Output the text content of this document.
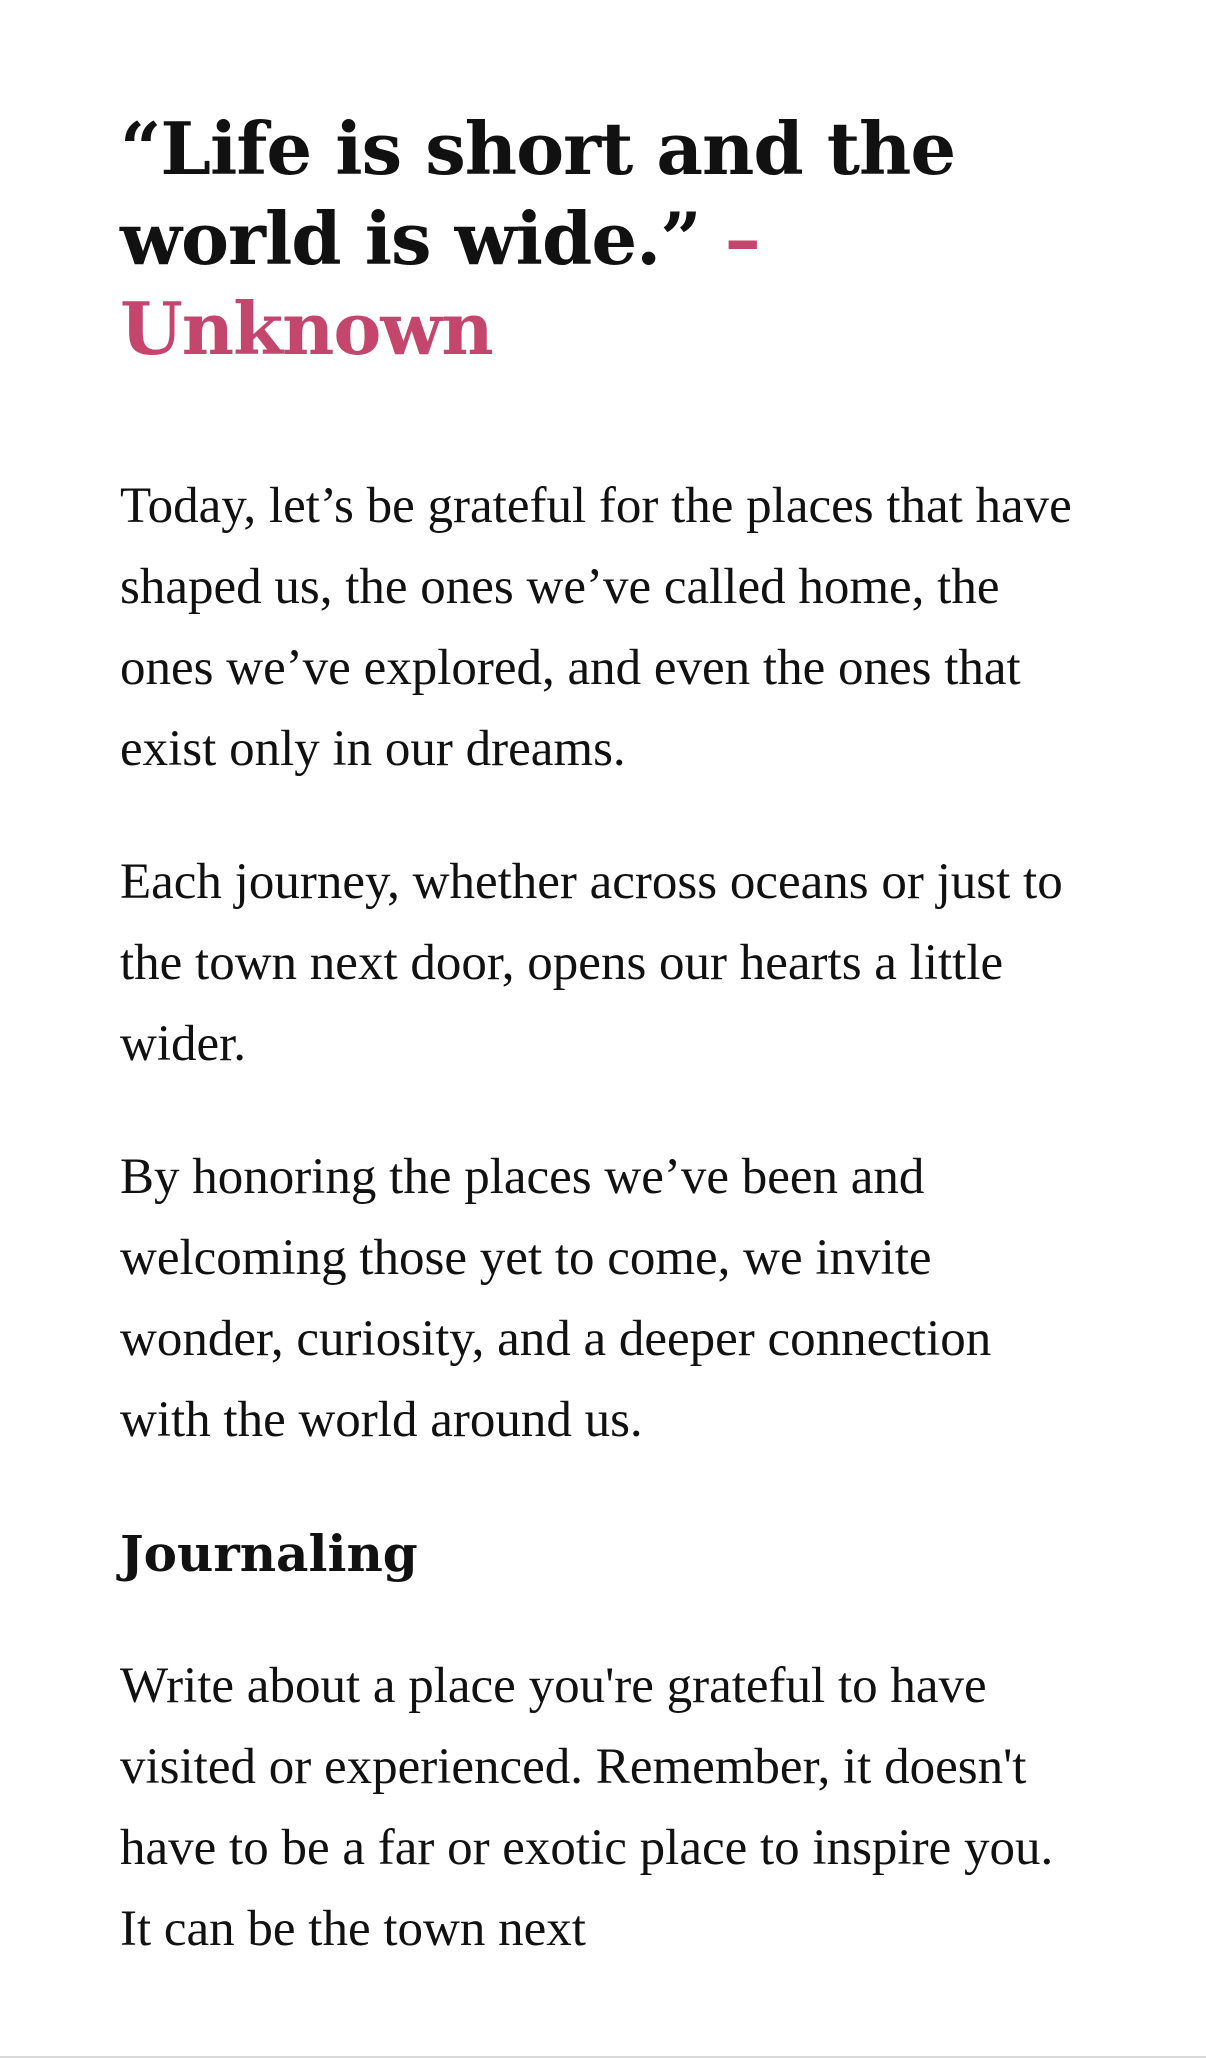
“Life is short and the world is wide.” – Unknown

Today, let’s be grateful for the places that have shaped us, the ones we’ve called home, the ones we’ve explored, and even the ones that exist only in our dreams.

Each journey, whether across oceans or just to the town next door, opens our hearts a little wider.

By honoring the places we’ve been and welcoming those yet to come, we invite wonder, curiosity, and a deeper connection with the world around us.

Journaling

Write about a place you're grateful to have visited or experienced. Remember, it doesn't have to be a far or exotic place to inspire you. It can be the town next
